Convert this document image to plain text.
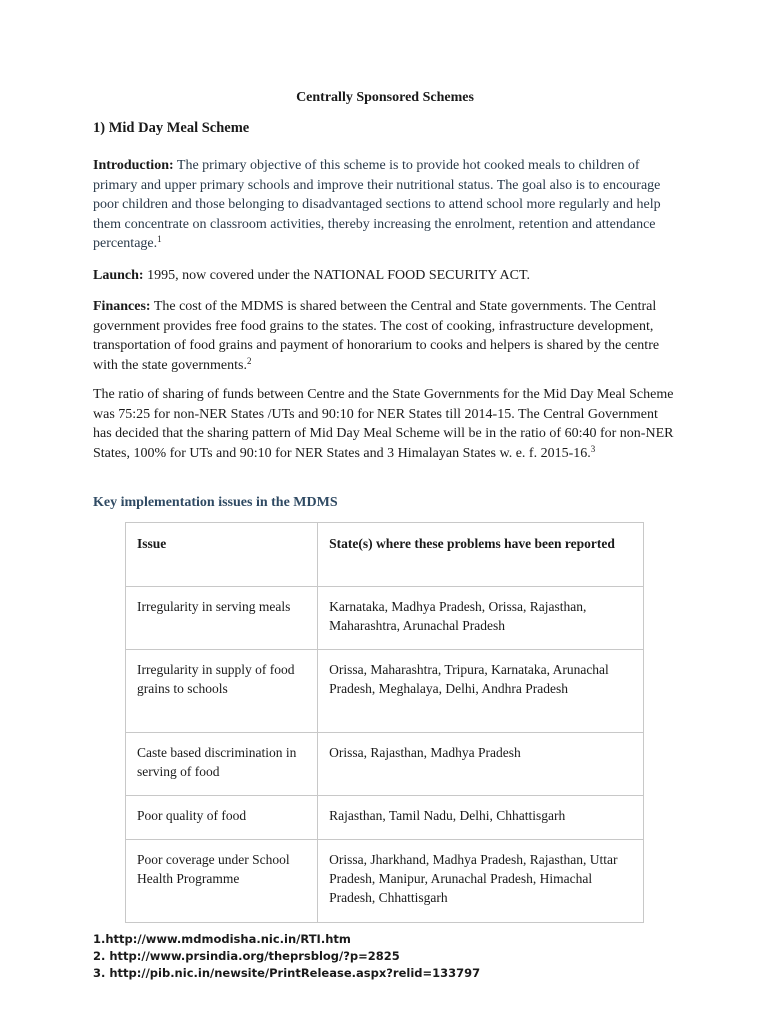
Centrally Sponsored Schemes
1) Mid Day Meal Scheme

Introduction: The primary objective of this scheme is to provide hot cooked meals to children of primary and upper primary schools and improve their nutritional status. The goal also is to encourage poor children and those belonging to disadvantaged sections to attend school more regularly and help them concentrate on classroom activities, thereby increasing the enrolment, retention and attendance percentage.$^1$

Launch: 1995, now covered under the NATIONAL FOOD SECURITY ACT.

Finances: The cost of the MDMS is shared between the Central and State governments. The Central government provides free food grains to the states. The cost of cooking, infrastructure development, transportation of food grains and payment of honorarium to cooks and helpers is shared by the centre with the state governments.$^2$

The ratio of sharing of funds between Centre and the State Governments for the Mid Day Meal Scheme was 75:25 for non-NER States /UTs and 90:10 for NER States till 2014-15. The Central Government has decided that the sharing pattern of Mid Day Meal Scheme will be in the ratio of 60:40 for non-NER States, 100% for UTs and 90:10 for NER States and 3 Himalayan States w. e. f. 2015-16.$^3$

Key implementation issues in the MDMS
Issue	State(s) where these problems have been reported
Irregularity in serving meals	Karnataka, Madhya Pradesh, Orissa, Rajasthan, Maharashtra, Arunachal Pradesh
Irregularity in supply of food grains to schools	Orissa, Maharashtra, Tripura, Karnataka, Arunachal Pradesh, Meghalaya, Delhi, Andhra Pradesh
Caste based discrimination in serving of food	Orissa, Rajasthan, Madhya Pradesh
Poor quality of food	Rajasthan, Tamil Nadu, Delhi, Chhattisgarh
Poor coverage under School Health Programme	Orissa, Jharkhand, Madhya Pradesh, Rajasthan, Uttar Pradesh, Manipur, Arunachal Pradesh, Himachal Pradesh, Chhattisgarh
1.http://www.mdmodisha.nic.in/RTI.htm
2. http://www.prsindia.org/theprsblog/?p=2825
3. http://pib.nic.in/newsite/PrintRelease.aspx?relid=133797
